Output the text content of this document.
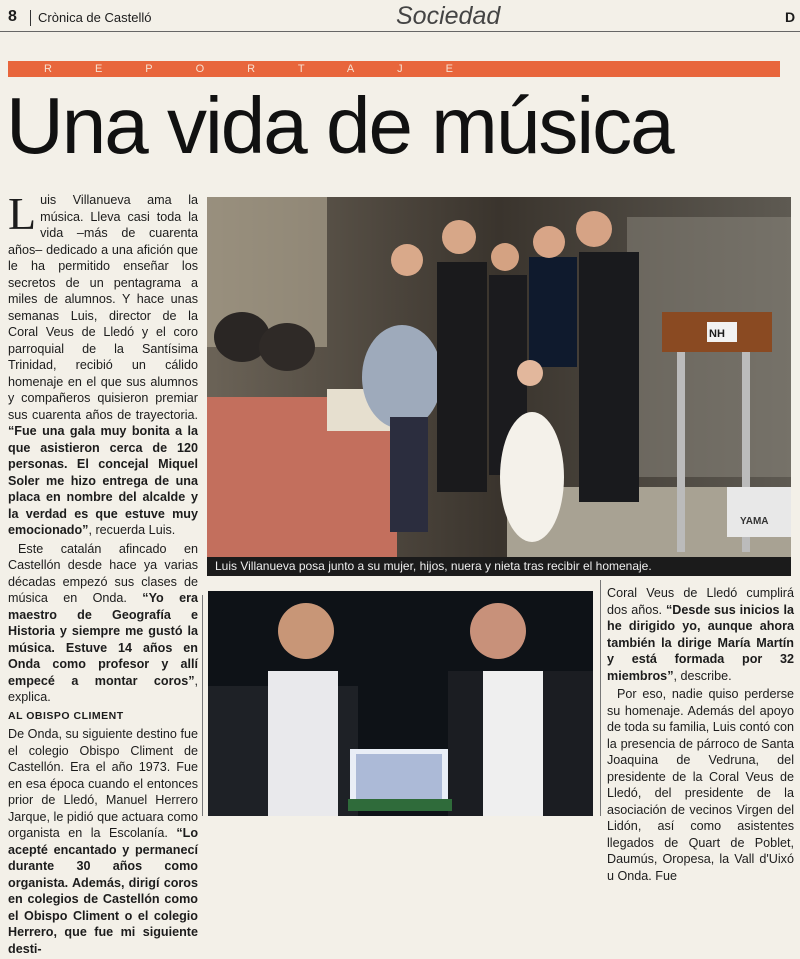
8 Crònica de Castelló	Sociedad	D
REPORTAJE
Una vida de música

Luis Villanueva ama la música. Lleva casi toda la vida –más de cuarenta años– dedicado a una afición que le ha permitido enseñar los secretos de un pentagrama a miles de alumnos. Y hace unas semanas Luis, director de la Coral Veus de Lledó y el coro parroquial de la Santísima Trinidad, recibió un cálido homenaje en el que sus alumnos y compañeros quisieron premiar sus cuarenta años de trayectoria. “Fue una gala muy bonita a la que asistieron cerca de 120 personas. El concejal Miquel Soler me hizo entrega de una placa en nombre del alcalde y la verdad es que estuve muy emocionado”, recuerda Luis.

Este catalán afincado en Castellón desde hace ya varias décadas empezó sus clases de música en Onda. “Yo era maestro de Geografía e Historia y siempre me gustó la música. Estuve 14 años en Onda como profesor y allí empecé a montar coros”, explica.

AL OBISPO CLIMENT

De Onda, su siguiente destino fue el colegio Obispo Climent de Castellón. Era el año 1973. Fue en esa época cuando el entonces prior de Lledó, Manuel Herrero Jarque, le pidió que actuara como organista en la Escolanía. “Lo acepté encantado y permanecí durante 30 años como organista. Además, dirigí coros en colegios de Castellón como el Obispo Climent o el colegio Herrero, que fue mi siguiente desti-

NH
YAMA
Luis Villanueva posa junto a su mujer, hijos, nuera y nieta tras recibir el homenaje.

Coral Veus de Lledó cumplirá dos años. “Desde sus inicios la he dirigido yo, aunque ahora también la dirige María Martín y está formada por 32 miembros”, describe.

Por eso, nadie quiso perderse su homenaje. Además del apoyo de toda su familia, Luis contó con la presencia de párroco de Santa Joaquina de Vedruna, del presidente de la Coral Veus de Lledó, del presidente de la asociación de vecinos Virgen del Lidón, así como asistentes llegados de Quart de Poblet, Daumús, Oropesa, la Vall d'Uixó u Onda. Fue
